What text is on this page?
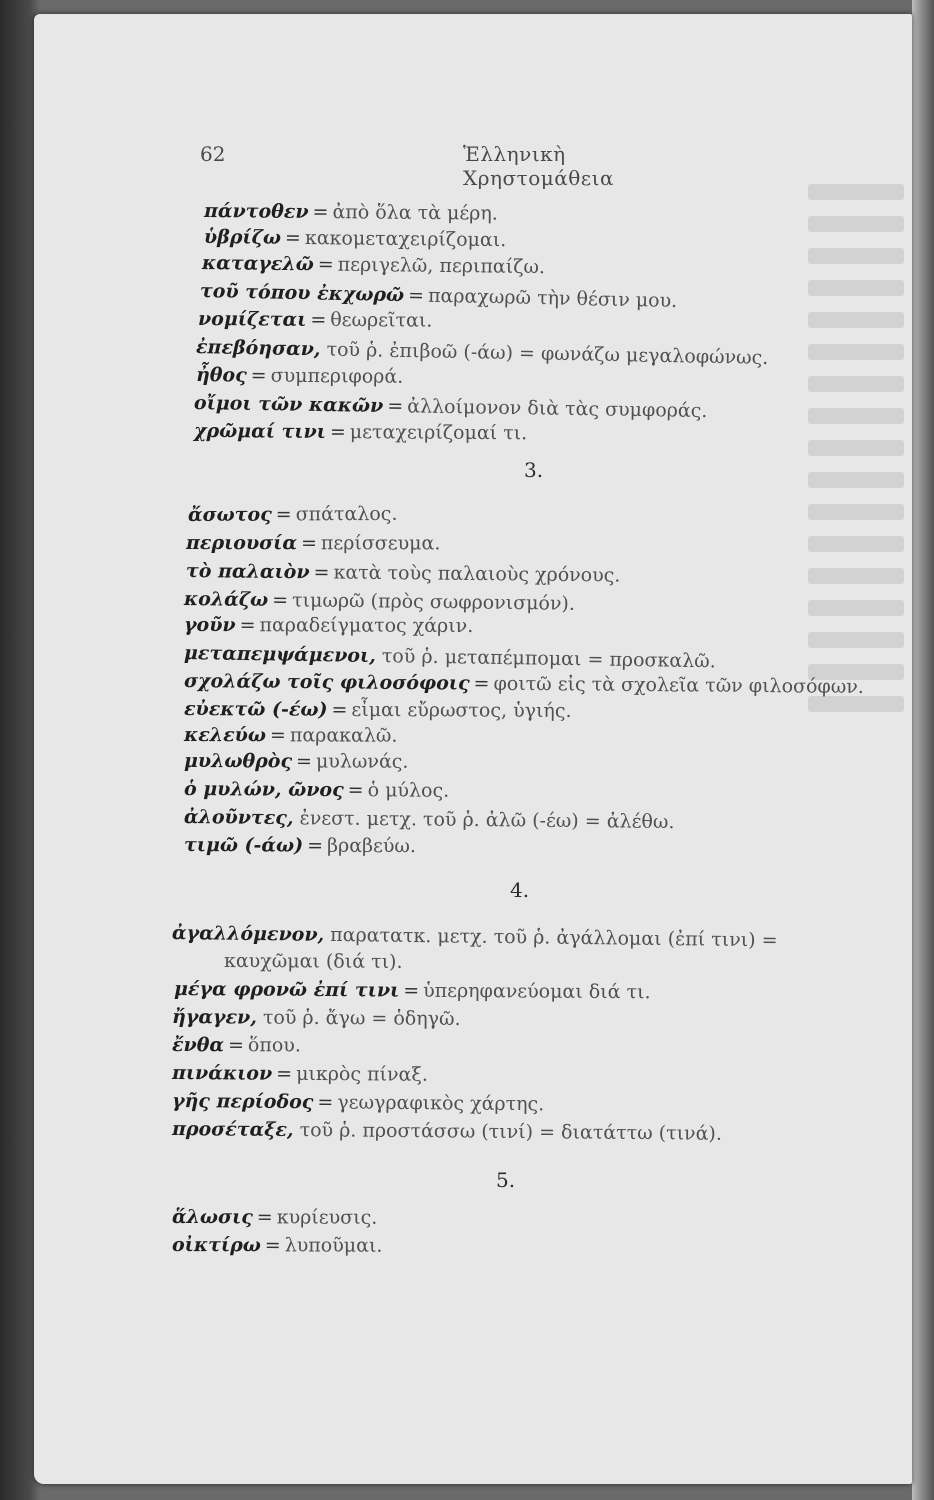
62	Ἑλληνικὴ Χρηστομάθεια
πάντοθεν = ἀπὸ ὅλα τὰ μέρη.
ὑβρίζω = κακομεταχειρίζομαι.
καταγελῶ = περιγελῶ, περιπαίζω.
τοῦ τόπου ἐκχωρῶ = παραχωρῶ τὴν θέσιν μου.
νομίζεται = θεωρεῖται.
ἐπεβόησαν, τοῦ ῥ. ἐπιβοῶ (-άω) = φωνάζω μεγαλοφώνως.
ἦθος = συμπεριφορά.
οἴμοι τῶν κακῶν = ἀλλοίμονον διὰ τὰς συμφοράς.
χρῶμαί τινι = μεταχειρίζομαί τι.
3.
ἄσωτος = σπάταλος.
περιουσία = περίσσευμα.
τὸ παλαιὸν = κατὰ τοὺς παλαιοὺς χρόνους.
κολάζω = τιμωρῶ (πρὸς σωφρονισμόν).
γοῦν = παραδείγματος χάριν.
μεταπεμψάμενοι, τοῦ ῥ. μεταπέμπομαι = προσκαλῶ.
σχολάζω τοῖς φιλοσόφοις = φοιτῶ εἰς τὰ σχολεῖα τῶν φιλοσόφων.
εὐεκτῶ (-έω) = εἶμαι εὔρωστος, ὑγιής.
κελεύω = παρακαλῶ.
μυλωθρὸς = μυλωνάς.
ὁ μυλών, ῶνος = ὁ μύλος.
ἀλοῦντες, ἐνεστ. μετχ. τοῦ ῥ. ἀλῶ (-έω) = ἀλέθω.
τιμῶ (-άω) = βραβεύω.
4.
ἀγαλλόμενον, παρατατκ. μετχ. τοῦ ῥ. ἀγάλλομαι (ἐπί τινι) =
καυχῶμαι (διά τι).
μέγα φρονῶ ἐπί τινι = ὑπερηφανεύομαι διά τι.
ἤγαγεν, τοῦ ῥ. ἄγω = ὁδηγῶ.
ἔνθα = ὅπου.
πινάκιον = μικρὸς πίναξ.
γῆς περίοδος = γεωγραφικὸς χάρτης.
προσέταξε, τοῦ ῥ. προστάσσω (τινί) = διατάττω (τινά).
5.
ἅλωσις = κυρίευσις.
οἰκτίρω = λυποῦμαι.
